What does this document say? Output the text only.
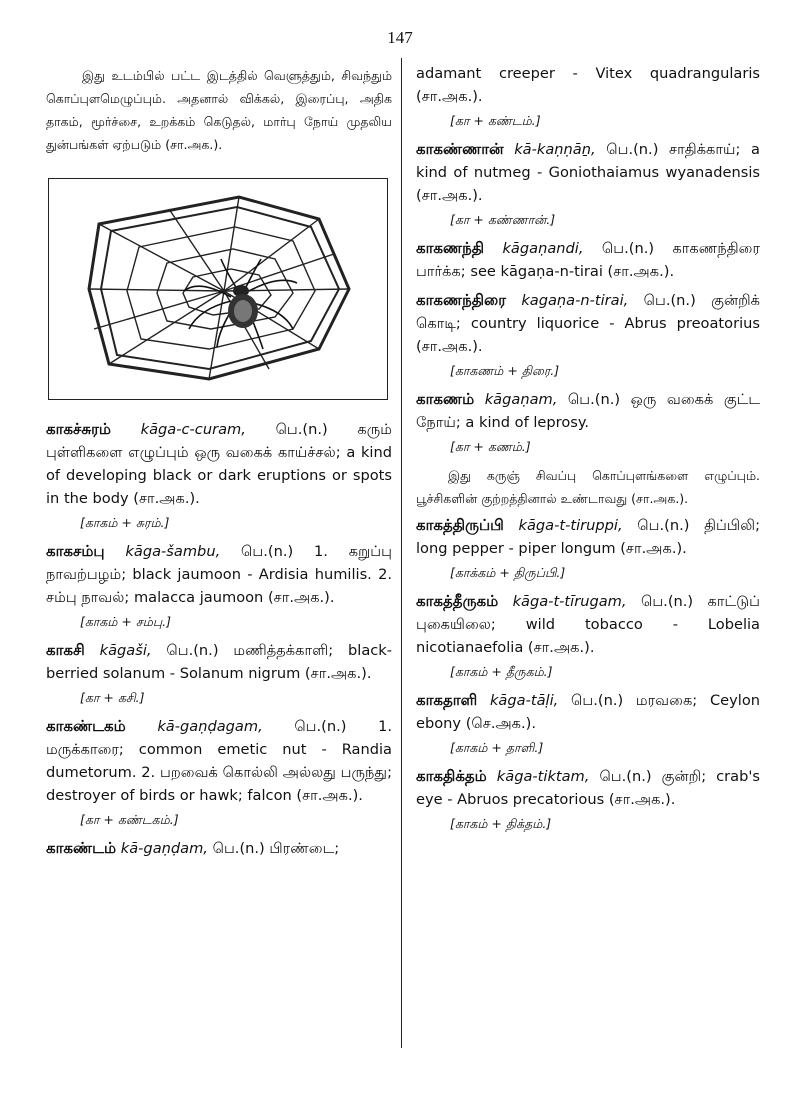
147

இது உடம்பில் பட்ட இடத்தில் வெளுத்தும், சிவந்தும் கொப்புளமெழுப்பும். அதனால் விக்கல், இரைப்பு, அதிக தாகம், மூர்ச்சை, உறக்கம் கெடுதல், மார்பு நோய் முதலிய துன்பங்கள் ஏற்படும் (சா.அக.).

காகச்சுரம் kāga-c-curam, பெ.(n.) கரும் புள்ளிகளை எழுப்பும் ஒரு வகைக் காய்ச்சல்; a kind of developing black or dark eruptions or spots in the body (சா.அக.).

[காகம் + சுரம்.]

காகசம்பு kāga-šambu, பெ.(n.) 1. கறுப்பு நாவற்பழம்; black jaumoon - Ardisia humilis. 2. சம்பு நாவல்; malacca jaumoon (சா.அக.).

[காகம் + சம்பு.]

காகசி kāgaši, பெ.(n.) மணித்தக்காளி; black-berried solanum - Solanum nigrum (சா.அக.).

[கா + கசி.]

காகண்டகம் kā-gaṇḍagam, பெ.(n.) 1. மருக்காரை; common emetic nut - Randia dumetorum. 2. பறவைக் கொல்லி அல்லது பருந்து; destroyer of birds or hawk; falcon (சா.அக.).

[கா + கண்டகம்.]

காகண்டம் kā-gaṇḍam, பெ.(n.) பிரண்டை;

adamant creeper - Vitex quadrangularis (சா.அக.).

[கா + கண்டம்.]

காகண்ணான் kā-kaṇṇāṉ, பெ.(n.) சாதிக்காய்; a kind of nutmeg - Goniothaiamus wyanadensis (சா.அக.).

[கா + கண்ணான்.]

காகணந்தி kāgaṇandi, பெ.(n.) காகணந்திரை பார்க்க; see kāgaṇa-n-tirai (சா.அக.).
காகணந்திரை kagaṇa-n-tirai, பெ.(n.) குன்றிக் கொடி; country liquorice - Abrus preoatorius (சா.அக.).

[காகணம் + திரை.]

காகணம் kāgaṇam, பெ.(n.) ஒரு வகைக் குட்ட நோய்; a kind of leprosy.

[கா + கணம்.]

இது கருஞ் சிவப்பு கொப்புளங்களை எழுப்பும். பூச்சிகளின் குற்றத்தினால் உண்டாவது (சா.அக.).

காகத்திருப்பி kāga-t-tiruppi, பெ.(n.) திப்பிலி; long pepper - piper longum (சா.அக.).

[காக்கம் + திருப்பி.]

காகத்தீருகம் kāga-t-tīrugam, பெ.(n.) காட்டுப் புகையிலை; wild tobacco - Lobelia nicotianaefolia (சா.அக.).

[காகம் + தீருகம்.]

காகதாளி kāga-tāḷi, பெ.(n.) மரவகை; Ceylon ebony (செ.அக.).

[காகம் + தாளி.]

காகதிக்தம் kāga-tiktam, பெ.(n.) குன்றி; crab's eye - Abruos precatorious (சா.அக.).

[காகம் + திக்தம்.]
